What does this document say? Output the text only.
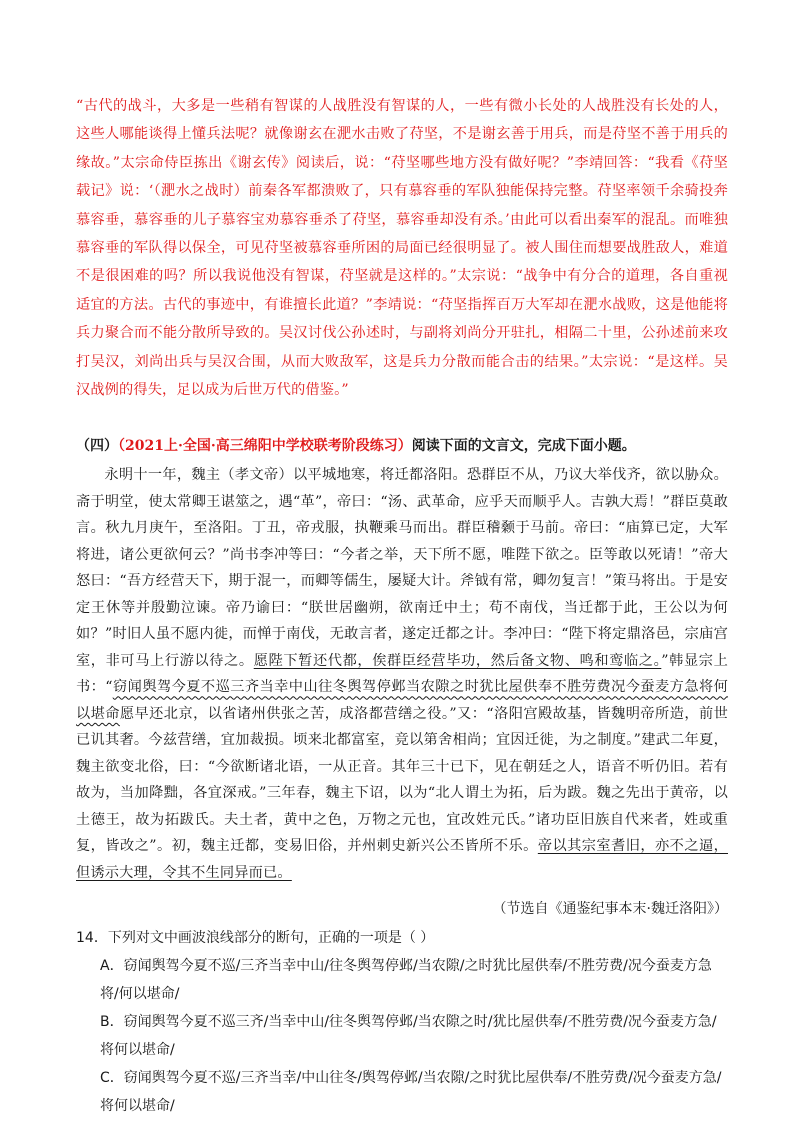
“古代的战斗，大多是一些稍有智谋的人战胜没有智谋的人，一些有微小长处的人战胜没有长处的人，这些人哪能谈得上懂兵法呢？就像谢玄在淝水击败了苻坚，不是谢玄善于用兵，而是苻坚不善于用兵的缘故。”太宗命侍臣拣出《谢玄传》阅读后，说：“苻坚哪些地方没有做好呢？”李靖回答：“我看《苻坚载记》说：‘（淝水之战时）前秦各军都溃败了，只有慕容垂的军队独能保持完整。苻坚率领千余骑投奔慕容垂，慕容垂的儿子慕容宝劝慕容垂杀了苻坚，慕容垂却没有杀。’由此可以看出秦军的混乱。而唯独慕容垂的军队得以保全，可见苻坚被慕容垂所困的局面已经很明显了。被人围住而想要战胜敌人，难道不是很困难的吗？所以我说他没有智谋，苻坚就是这样的。”太宗说：“战争中有分合的道理，各自重视适宜的方法。古代的事迹中，有谁擅长此道？”李靖说：“苻坚指挥百万大军却在淝水战败，这是他能将兵力聚合而不能分散所导致的。吴汉讨伐公孙述时，与副将刘尚分开驻扎，相隔二十里，公孙述前来攻打吴汉，刘尚出兵与吴汉合围，从而大败敌军，这是兵力分散而能合击的结果。”太宗说：“是这样。吴汉战例的得失，足以成为后世万代的借鉴。”

（四）（2021上·全国·高三绵阳中学校联考阶段练习）阅读下面的文言文，完成下面小题。

永明十一年，魏主（孝文帝）以平城地寒，将迁都洛阳。恐群臣不从，乃议大举伐齐，欲以胁众。斋于明堂，使太常卿王谌筮之，遇“革”，帝曰：“汤、武革命，应乎天而顺乎人。吉孰大焉！”群臣莫敢言。秋九月庚午，至洛阳。丁丑，帝戎服，执鞭乘马而出。群臣稽颡于马前。帝曰：“庙算已定，大军将进，诸公更欲何云？”尚书李冲等曰：“今者之举，天下所不愿，唯陛下欲之。臣等敢以死请！”帝大怒曰：“吾方经营天下，期于混一，而卿等儒生，屡疑大计。斧钺有常，卿勿复言！”策马将出。于是安定王休等并殷勤泣谏。帝乃谕曰：“朕世居幽朔，欲南迁中土；苟不南伐，当迁都于此，王公以为何如？”时旧人虽不愿内徙，而惮于南伐，无敢言者，遂定迁都之计。李冲曰：“陛下将定鼎洛邑，宗庙宫室，非可马上行游以待之。愿陛下暂还代都，俟群臣经营毕功，然后备文物、鸣和鸾临之。”韩显宗上书：“窃闻舆驾今夏不巡三齐当幸中山往冬舆驾停邺当农隙之时犹比屋供奉不胜劳费况今蚕麦方急将何以堪命愿早还北京，以省诸州供张之苦，成洛都营缮之役。”又：“洛阳宫殿故基，皆魏明帝所造，前世已讥其奢。今兹营缮，宜加裁损。顷来北都富室，竞以第舍相尚；宜因迁徙，为之制度。”建武二年夏，魏主欲变北俗，曰：“今欲断诸北语，一从正音。其年三十已下，见在朝廷之人，语音不听仍旧。若有故为，当加降黜，各宜深戒。”三年春，魏主下诏，以为“北人谓土为拓，后为跋。魏之先出于黄帝，以土德王，故为拓跋氏。夫土者，黄中之色，万物之元也，宜改姓元氏。”诸功臣旧族自代来者，姓或重复，皆改之”。初，魏主迁都，变易旧俗，并州刺史新兴公丕皆所不乐。帝以其宗室耆旧，亦不之逼，但诱示大理，令其不生同异而已。

（节选自《通鉴纪事本末·魏迁洛阳》）

14．下列对文中画波浪线部分的断句，正确的一项是（ ）
A．窃闻舆驾今夏不巡/三齐当幸中山/往冬舆驾停邺/当农隙/之时犹比屋供奉/不胜劳费/况今蚕麦方急将/何以堪命/
B．窃闻舆驾今夏不巡三齐/当幸中山/往冬舆驾停邺/当农隙之时/犹比屋供奉/不胜劳费/况今蚕麦方急/将何以堪命/
C．窃闻舆驾今夏不巡/三齐当幸/中山往冬/舆驾停邺/当农隙/之时犹比屋供奉/不胜劳费/况今蚕麦方急/将何以堪命/
